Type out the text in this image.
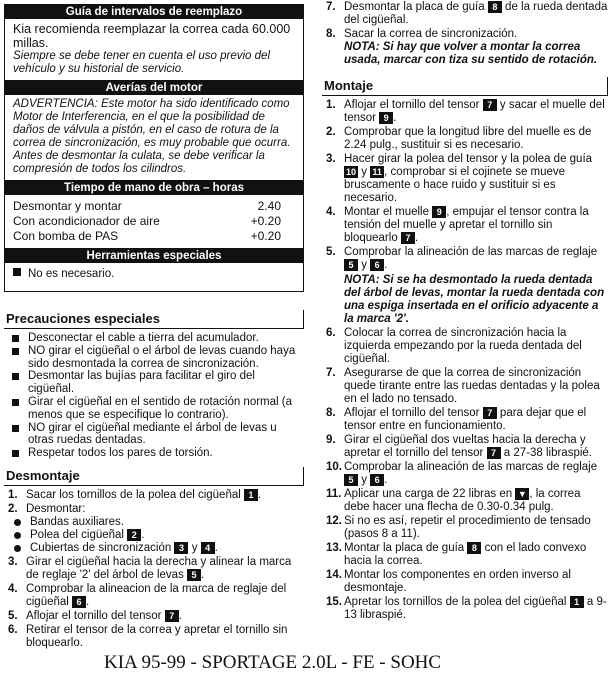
Guía de intervalos de reemplazo
Kia recomienda reemplazar la correa cada 60.000 millas.
Siempre se debe tener en cuenta el uso previo del vehículo y su historial de servicio.
Averías del motor
ADVERTENCIA: Este motor ha sido identificado como Motor de Interferencia, en el que la posibilidad de daños de válvula a pistón, en el caso de rotura de la correa de sincronización, es muy probable que ocurra.
Antes de desmontar la culata, se debe verificar la compresión de todos los cilindros.
Tiempo de mano de obra – horas
Desmontar y montar	2.40
Con acondicionador de aire	+0.20
Con bomba de PAS	+0.20
Herramientas especiales
No es necesario.
Precauciones especiales
Desconectar el cable a tierra del acumulador.
NO girar el cigüeñal o el árbol de levas cuando haya sido desmontada la correa de sincronización.
Desmontar las bujías para facilitar el giro del cigüeñal.
Girar el cigüeñal en el sentido de rotación normal (a menos que se especifique lo contrario).
NO girar el cigüeñal mediante el árbol de levas u otras ruedas dentadas.
Respetar todos los pares de torsión.
Desmontaje
1. Sacar los tornillos de la polea del cigüeñal 1 .
2. Desmontar:
Bandas auxiliares.
Polea del cigüeñal 2 .
Cubiertas de sincronización 3 y 4 .
3. Girar el cigüeñal hacia la derecha y alinear la marca de reglaje '2' del árbol de levas 5 .
4. Comprobar la alineacion de la marca de reglaje del cigüeñal 6 .
5. Aflojar el tornillo del tensor 7 .
6. Retirar el tensor de la correa y apretar el tornillo sin bloquearlo.
7. Desmontar la placa de guía 8 de la rueda dentada del cigüeñal.
8. Sacar la correa de sincronización.
NOTA: Si hay que volver a montar la correa usada, marcar con tiza su sentido de rotación.
Montaje
1. Aflojar el tornillo del tensor 7 y sacar el muelle del tensor 9 .
2. Comprobar que la longitud libre del muelle es de 2.24 pulg., sustituir si es necesario.
3. Hacer girar la polea del tensor y la polea de guía 10 y 11 , comprobar si el cojinete se mueve bruscamente o hace ruido y sustituir si es necesario.
4. Montar el muelle 9 , empujar el tensor contra la tensión del muelle y apretar el tornillo sin bloquearlo 7 .
5. Comprobar la alineación de las marcas de reglaje 5 y 6 .
NOTA: Si se ha desmontado la rueda dentada del árbol de levas, montar la rueda dentada con una espiga insertada en el orificio adyacente a la marca '2'.
6. Colocar la correa de sincronización hacia la izquierda empezando por la rueda dentada del cigüeñal.
7. Asegurarse de que la correa de sincronización quede tirante entre las ruedas dentadas y la polea en el lado no tensado.
8. Aflojar el tornillo del tensor 7 para dejar que el tensor entre en funcionamiento.
9. Girar el cigüeñal dos vueltas hacia la derecha y apretar el tornillo del tensor 7 a 27-38 libraspié.
10. Comprobar la alineación de las marcas de reglaje 5 y 6 .
11. Aplicar una carga de 22 libras en ▼ , la correa debe hacer una flecha de 0.30-0.34 pulg.
12. Si no es así, repetir el procedimiento de tensado (pasos 8 a 11).
13. Montar la placa de guía 8 con el lado convexo hacia la correa.
14. Montar los componentes en orden inverso al desmontaje.
15. Apretar los tornillos de la polea del cigüeñal 1 a 9-13 libraspié.
KIA 95-99 - SPORTAGE 2.0L - FE - SOHC
